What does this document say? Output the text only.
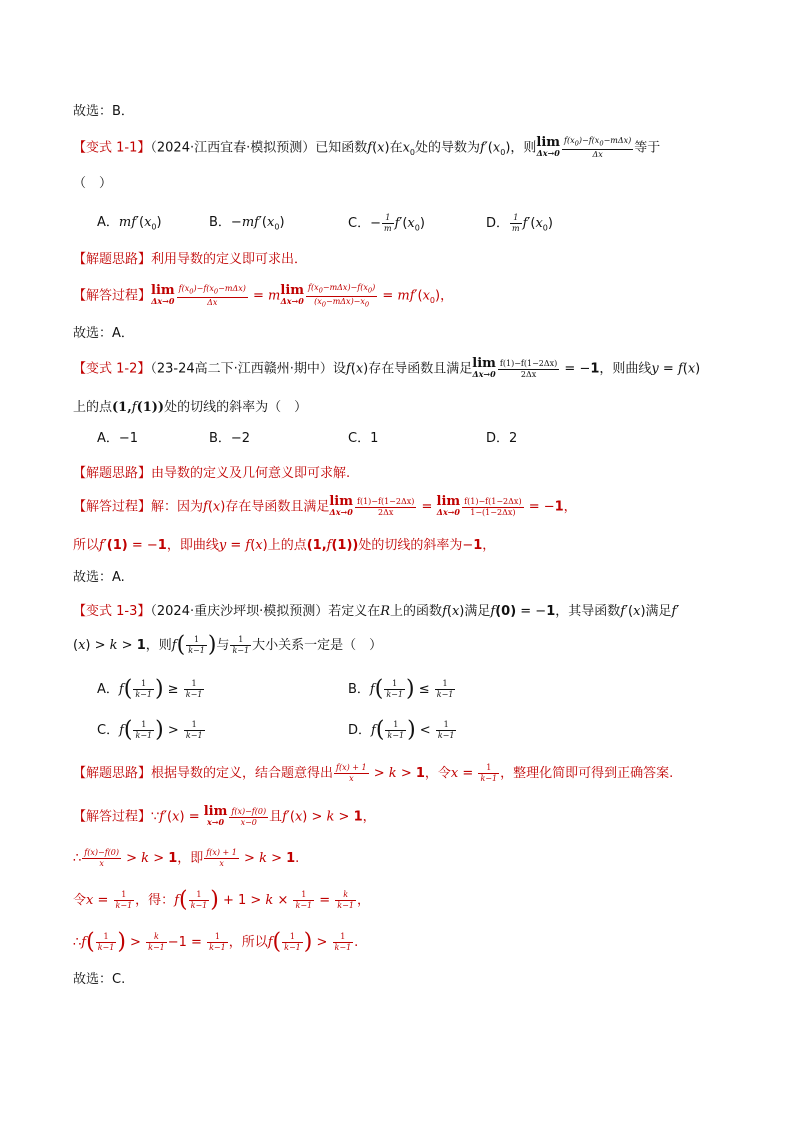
故选：B．
【变式 1-1】（2024·江西宜春·模拟预测）已知函数f(x)在$x_0$处的导数为$f'(x_0)$，则 lim
$\Delta x\to 0 \frac{f(x_0)-f(x_0-m\Delta x)}{\Delta x}$ 等于
（　）
A．$mf'(x_0)$	B．$-mf'(x_0)$	C．− $\frac{1}{m} f'(x_0)$	D． $\frac{1}{m} f'(x_0)$
【解题思路】利用导数的定义即可求出．
【解答过程】 lim
$\Delta x\to 0 \frac{f(x_0)-f(x_0-m\Delta x)}{\Delta x} = m$ lim
$\Delta x\to 0 \frac{f(x_0-m\Delta x)-f(x_0)}{(x_0-m\Delta x)-x_0} = mf'(x_0)$，
故选：A．
【变式 1-2】（23-24高二下·江西赣州·期中）设f(x)存在导函数且满足 lim
$\Delta x\to 0 \frac{f(1)-f(1-2\Delta x)}{2\Delta x} = -1$，则曲线y = f(x)
上的点(1,f(1))处的切线的斜率为（　）
A．−1	B．−2	C．1	D．2
【解题思路】由导数的定义及几何意义即可求解.
【解答过程】解：因为f(x)存在导函数且满足 lim
$\Delta x\to 0 \frac{f(1)-f(1-2\Delta x)}{2\Delta x} = \lim$
$\Delta x\to 0 \frac{f(1)-f(1-2\Delta x)}{1-(1-2\Delta x)} = -1$，
所以f′(1) = −1，即曲线y = f(x)上的点(1,f(1))处的切线的斜率为−1，
故选：A.
【变式 1-3】（2024·重庆沙坪坝·模拟预测）若定义在R上的函数f(x)满足f(0) = −1，其导函数f′(x)满足f′
(x) > k > 1，则$f( \frac{1}{k-1}$ )与 $\frac{1}{k-1}$ 大小关系一定是（　）
A．$f( \frac{1}{k-1}$ ) ≥ $\frac{1}{k-1}$	B．$f( \frac{1}{k-1}$ ) ≤ $\frac{1}{k-1}$
C．$f( \frac{1}{k-1}$ ) > $\frac{1}{k-1}$	D．$f( \frac{1}{k-1}$ ) < $\frac{1}{k-1}$
【解题思路】根据导数的定义，结合题意得出 $\frac{f(x) + 1}{x} > k > 1$，令$x = \frac{1}{k-1}$ ，整理化简即可得到正确答案.
【解答过程】∵f′(x) = lim
$x\to 0 \frac{f(x)-f(0)}{x-0}$ 且f′(x) > k > 1，
∴ $\frac{f(x)-f(0)}{x} > k > 1$，即 $\frac{f(x) + 1}{x} > k > 1$.
令$x = \frac{1}{k-1}$ ，得：$f( \frac{1}{k-1}$ ) + $1 > k \times \frac{1}{k-1} = \frac{k}{k-1}$ ，
∴f( $\frac{1}{k-1}$ ) > $\frac{k}{k-1} -1 = \frac{1}{k-1}$ ，所以$f( \frac{1}{k-1}$ ) > $\frac{1}{k-1}$ .
故选：C.
